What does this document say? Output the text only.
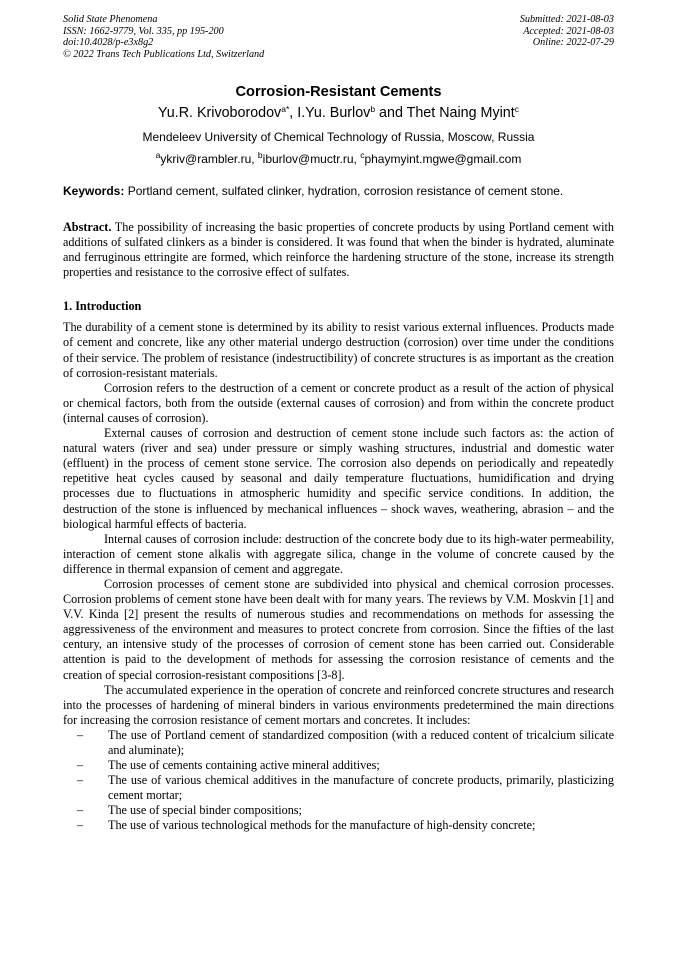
Solid State Phenomena
ISSN: 1662-9779, Vol. 335, pp 195-200
doi:10.4028/p-e3x8g2
© 2022 Trans Tech Publications Ltd, Switzerland
Submitted: 2021-08-03
Accepted: 2021-08-03
Online: 2022-07-29
Corrosion-Resistant Cements
Yu.R. Krivoborodov$^{a*}$, I.Yu. Burlov$^b$ and Thet Naing Myint$^c$
Mendeleev University of Chemical Technology of Russia, Moscow, Russia
$^a$ykriv@rambler.ru, $^b$iburlov@muctr.ru, $^c$phaymyint.mgwe@gmail.com
Keywords: Portland cement, sulfated clinker, hydration, corrosion resistance of cement stone.
Abstract. The possibility of increasing the basic properties of concrete products by using Portland cement with additions of sulfated clinkers as a binder is considered. It was found that when the binder is hydrated, aluminate and ferruginous ettringite are formed, which reinforce the hardening structure of the stone, increase its strength properties and resistance to the corrosive effect of sulfates.
1. Introduction

The durability of a cement stone is determined by its ability to resist various external influences. Products made of cement and concrete, like any other material undergo destruction (corrosion) over time under the conditions of their service. The problem of resistance (indestructibility) of concrete structures is as important as the creation of corrosion-resistant materials.

Corrosion refers to the destruction of a cement or concrete product as a result of the action of physical or chemical factors, both from the outside (external causes of corrosion) and from within the concrete product (internal causes of corrosion).

External causes of corrosion and destruction of cement stone include such factors as: the action of natural waters (river and sea) under pressure or simply washing structures, industrial and domestic water (effluent) in the process of cement stone service. The corrosion also depends on periodically and repeatedly repetitive heat cycles caused by seasonal and daily temperature fluctuations, humidification and drying processes due to fluctuations in atmospheric humidity and specific service conditions. In addition, the destruction of the stone is influenced by mechanical influences – shock waves, weathering, abrasion – and the biological harmful effects of bacteria.

Internal causes of corrosion include: destruction of the concrete body due to its high-water permeability, interaction of cement stone alkalis with aggregate silica, change in the volume of concrete caused by the difference in thermal expansion of cement and aggregate.

Corrosion processes of cement stone are subdivided into physical and chemical corrosion processes. Corrosion problems of cement stone have been dealt with for many years. The reviews by V.M. Moskvin [1] and V.V. Kinda [2] present the results of numerous studies and recommendations on methods for assessing the aggressiveness of the environment and measures to protect concrete from corrosion. Since the fifties of the last century, an intensive study of the processes of corrosion of cement stone has been carried out. Considerable attention is paid to the development of methods for assessing the corrosion resistance of cements and the creation of special corrosion-resistant compositions [3-8].

The accumulated experience in the operation of concrete and reinforced concrete structures and research into the processes of hardening of mineral binders in various environments predetermined the main directions for increasing the corrosion resistance of cement mortars and concretes. It includes:

– The use of Portland cement of standardized composition (with a reduced content of tricalcium silicate and aluminate);
– The use of cements containing active mineral additives;
– The use of various chemical additives in the manufacture of concrete products, primarily, plasticizing cement mortar;
– The use of special binder compositions;
– The use of various technological methods for the manufacture of high-density concrete;
